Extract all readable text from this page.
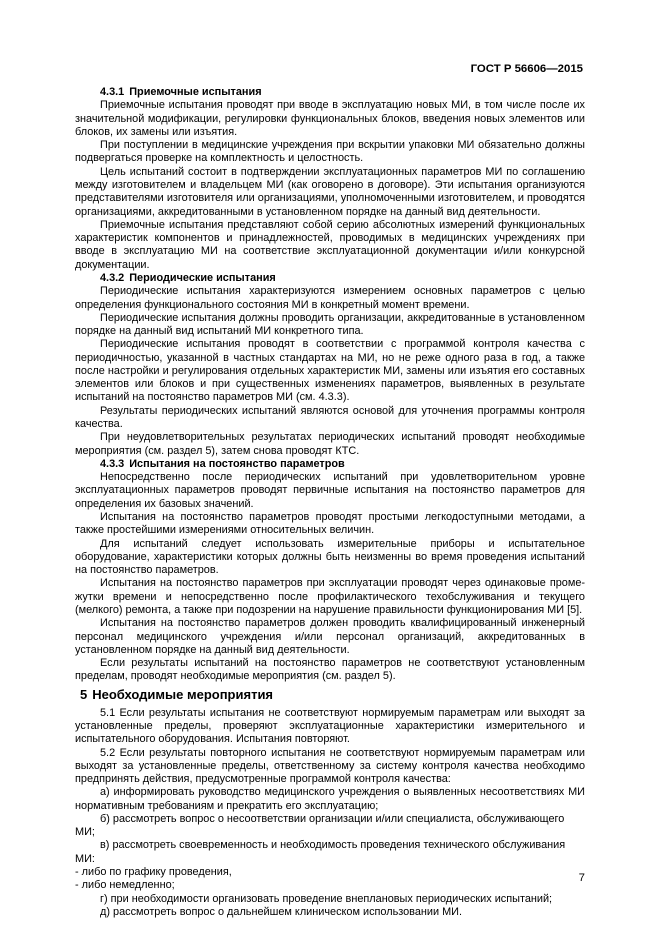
ГОСТ Р 56606—2015
4.3.1 Приемочные испытания

Приемочные испытания проводят при вводе в эксплуатацию новых МИ, в том числе после их значительной модификации, регулировки функциональных блоков, введения новых элементов или блоков, их замены или изъятия.

При поступлении в медицинские учреждения при вскрытии упаковки МИ обязательно должны подвергаться проверке на комплектность и целостность.

Цель испытаний состоит в подтверждении эксплуатационных параметров МИ по соглашению между изготовителем и владельцем МИ (как оговорено в договоре). Эти испытания организуются представителями изготовителя или организациями, уполномоченными изготовителем, и проводятся организациями, аккредитованными в установленном порядке на данный вид деятельности.

Приемочные испытания представляют собой серию абсолютных измерений функциональных характеристик компонентов и принадлежностей, проводимых в медицинских учреждениях при вводе в эксплуатацию МИ на соответствие эксплуатационной документации и/или конкурсной документации.

4.3.2 Периодические испытания

Периодические испытания характеризуются измерением основных параметров с целью определения функционального состояния МИ в конкретный момент времени.

Периодические испытания должны проводить организации, аккредитованные в установленном порядке на данный вид испытаний МИ конкретного типа.

Периодические испытания проводят в соответствии с программой контроля качества с периодичностью, указанной в частных стандартах на МИ, но не реже одного раза в год, а также после настройки и регулирования отдельных характеристик МИ, замены или изъятия его составных элементов или блоков и при существенных изменениях параметров, выявленных в результате испытаний на постоянство параметров МИ (см. 4.3.3).

Результаты периодических испытаний являются основой для уточнения программы контроля качества.

При неудовлетворительных результатах периодических испытаний проводят необходимые мероприятия (см. раздел 5), затем снова проводят КТС.

4.3.3 Испытания на постоянство параметров

Непосредственно после периодических испытаний при удовлетворительном уровне эксплуатационных параметров проводят первичные испытания на постоянство параметров для определения их базовых значений.

Испытания на постоянство параметров проводят простыми легкодоступными методами, а также простейшими измерениями относительных величин.

Для испытаний следует использовать измерительные приборы и испытательное оборудование, характеристики которых должны быть неизменны во время проведения испытаний на постоянство параметров.

Испытания на постоянство параметров при эксплуатации проводят через одинаковые проме-жутки времени и непосредственно после профилактического техобслуживания и текущего (мелкого) ремонта, а также при подозрении на нарушение правильности функционирования МИ [5].

Испытания на постоянство параметров должен проводить квалифицированный инженерный персонал медицинского учреждения и/или персонал организаций, аккредитованных в установленном порядке на данный вид деятельности.

Если результаты испытаний на постоянство параметров не соответствуют установленным пределам, проводят необходимые мероприятия (см. раздел 5).

5 Необходимые мероприятия

5.1 Если результаты испытания не соответствуют нормируемым параметрам или выходят за установленные пределы, проверяют эксплуатационные характеристики измерительного и испытательного оборудования. Испытания повторяют.

5.2 Если результаты повторного испытания не соответствуют нормируемым параметрам или выходят за установленные пределы, ответственному за систему контроля качества необходимо предпринять действия, предусмотренные программой контроля качества:

а) информировать руководство медицинского учреждения о выявленных несоответствиях МИ нормативным требованиям и прекратить его эксплуатацию;

б) рассмотреть вопрос о несоответствии организации и/или специалиста, обслуживающего МИ;

в) рассмотреть своевременность и необходимость проведения технического обслуживания МИ:

- либо по графику проведения,

- либо немедленно;

г) при необходимости организовать проведение внеплановых периодических испытаний;

д) рассмотреть вопрос о дальнейшем клиническом использовании МИ.

7
